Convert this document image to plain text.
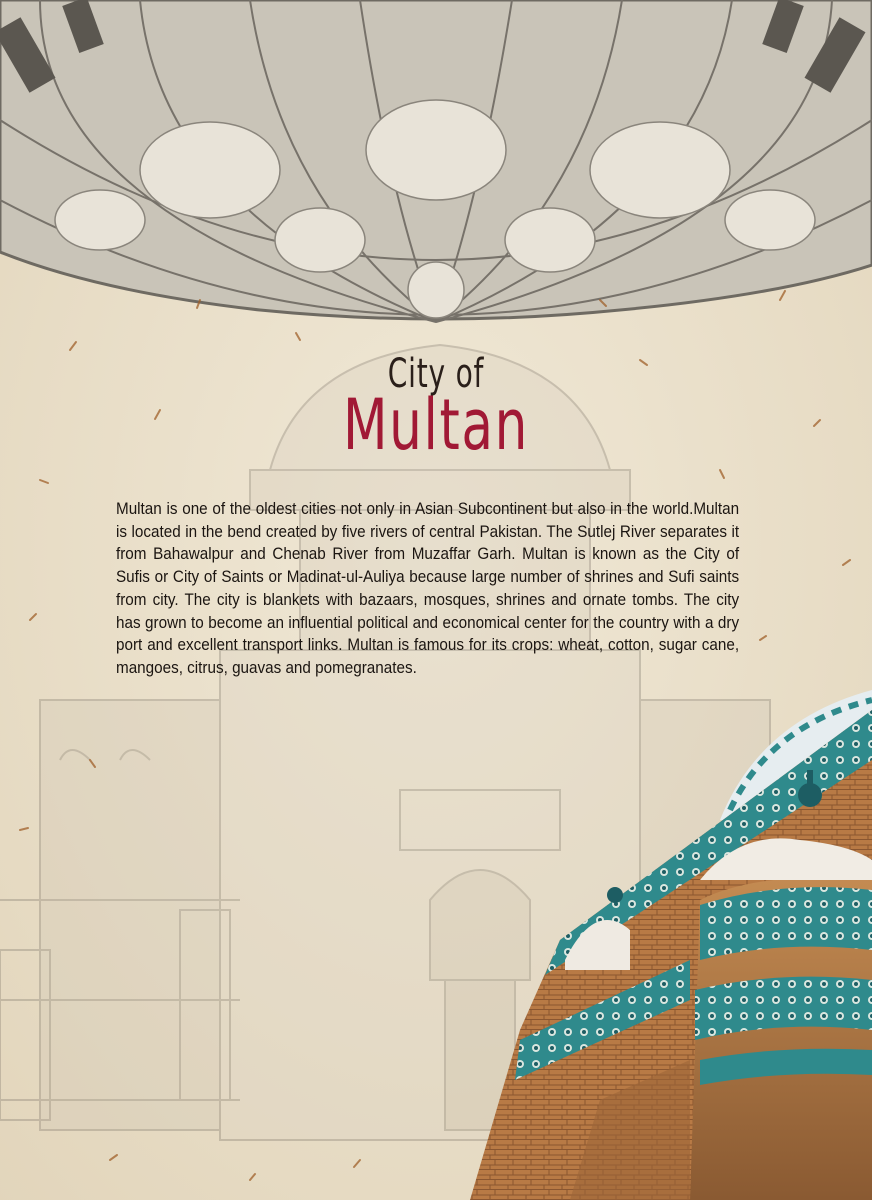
City of
Multan
Multan is one of the oldest cities not only in Asian Subcontinent but also in the world.Multan is located in the bend created by five rivers of central Pakistan. The Sutlej River separates it from Bahawalpur and Chenab River from Muzaffar Garh. Multan is known as the City of Sufis or City of Saints or Madinat-ul-Auliya because large number of shrines and Sufi saints from city. The city is blankets with bazaars, mosques, shrines and ornate tombs. The city has grown to become an influential political and economical center for the country with a dry port and excellent transport links. Multan is famous for its crops: wheat, cotton, sugar cane, mangoes, citrus, guavas and pomegranates.
